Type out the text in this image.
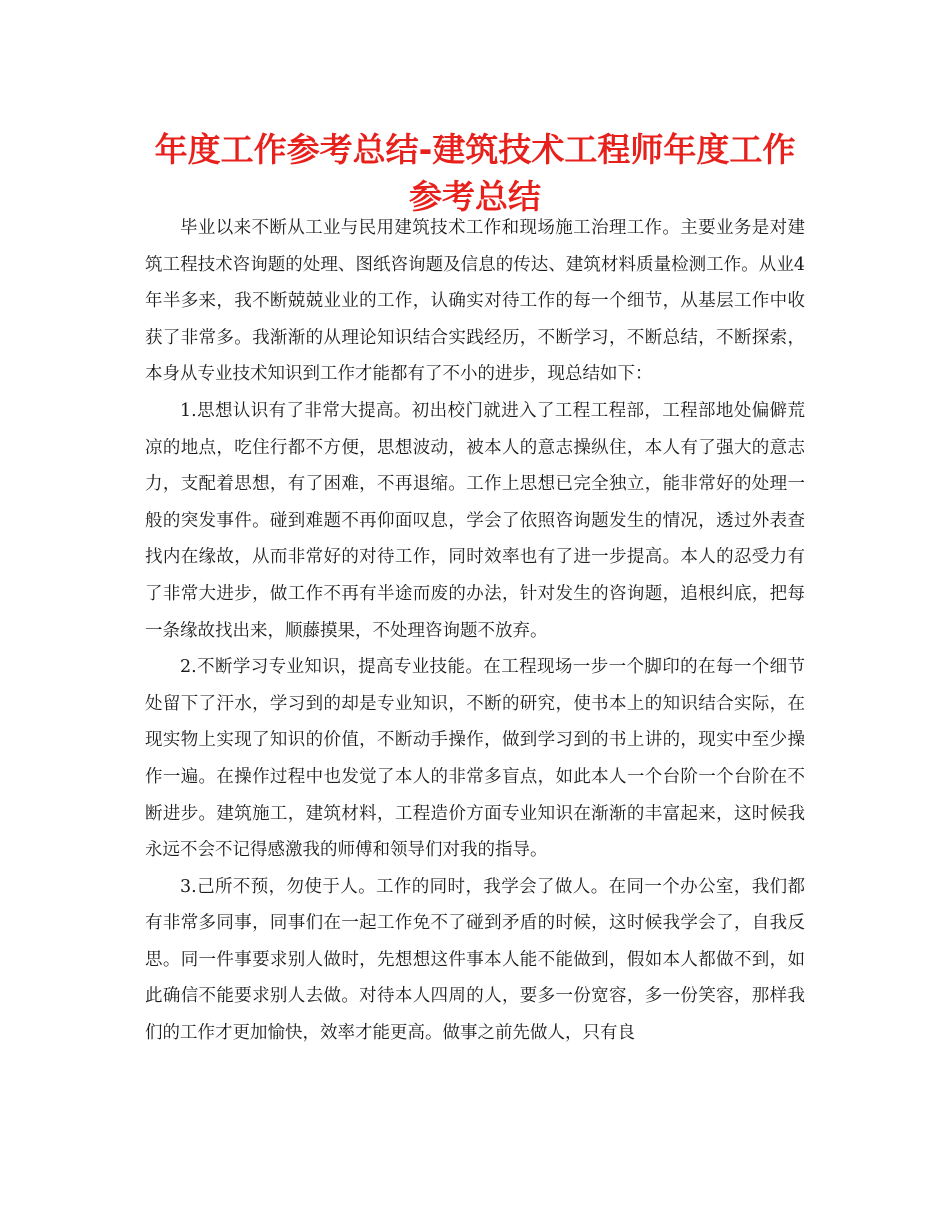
年度工作参考总结-建筑技术工程师年度工作参考总结

毕业以来不断从工业与民用建筑技术工作和现场施工治理工作。主要业务是对建筑工程技术咨询题的处理、图纸咨询题及信息的传达、建筑材料质量检测工作。从业4年半多来，我不断兢兢业业的工作，认确实对待工作的每一个细节，从基层工作中收获了非常多。我渐渐的从理论知识结合实践经历，不断学习，不断总结，不断探索，本身从专业技术知识到工作才能都有了不小的进步，现总结如下：

1.思想认识有了非常大提高。初出校门就进入了工程工程部，工程部地处偏僻荒凉的地点，吃住行都不方便，思想波动，被本人的意志操纵住，本人有了强大的意志力，支配着思想，有了困难，不再退缩。工作上思想已完全独立，能非常好的处理一般的突发事件。碰到难题不再仰面叹息，学会了依照咨询题发生的情况，透过外表查找内在缘故，从而非常好的对待工作，同时效率也有了进一步提高。本人的忍受力有了非常大进步，做工作不再有半途而废的办法，针对发生的咨询题，追根纠底，把每一条缘故找出来，顺藤摸果，不处理咨询题不放弃。

2.不断学习专业知识，提高专业技能。在工程现场一步一个脚印的在每一个细节处留下了汗水，学习到的却是专业知识，不断的研究，使书本上的知识结合实际，在现实物上实现了知识的价值，不断动手操作，做到学习到的书上讲的，现实中至少操作一遍。在操作过程中也发觉了本人的非常多盲点，如此本人一个台阶一个台阶在不断进步。建筑施工，建筑材料，工程造价方面专业知识在渐渐的丰富起来，这时候我永远不会不记得感激我的师傅和领导们对我的指导。

3.己所不预，勿使于人。工作的同时，我学会了做人。在同一个办公室，我们都有非常多同事，同事们在一起工作免不了碰到矛盾的时候，这时候我学会了，自我反思。同一件事要求别人做时，先想想这件事本人能不能做到，假如本人都做不到，如此确信不能要求别人去做。对待本人四周的人，要多一份宽容，多一份笑容，那样我们的工作才更加愉快，效率才能更高。做事之前先做人，只有良
